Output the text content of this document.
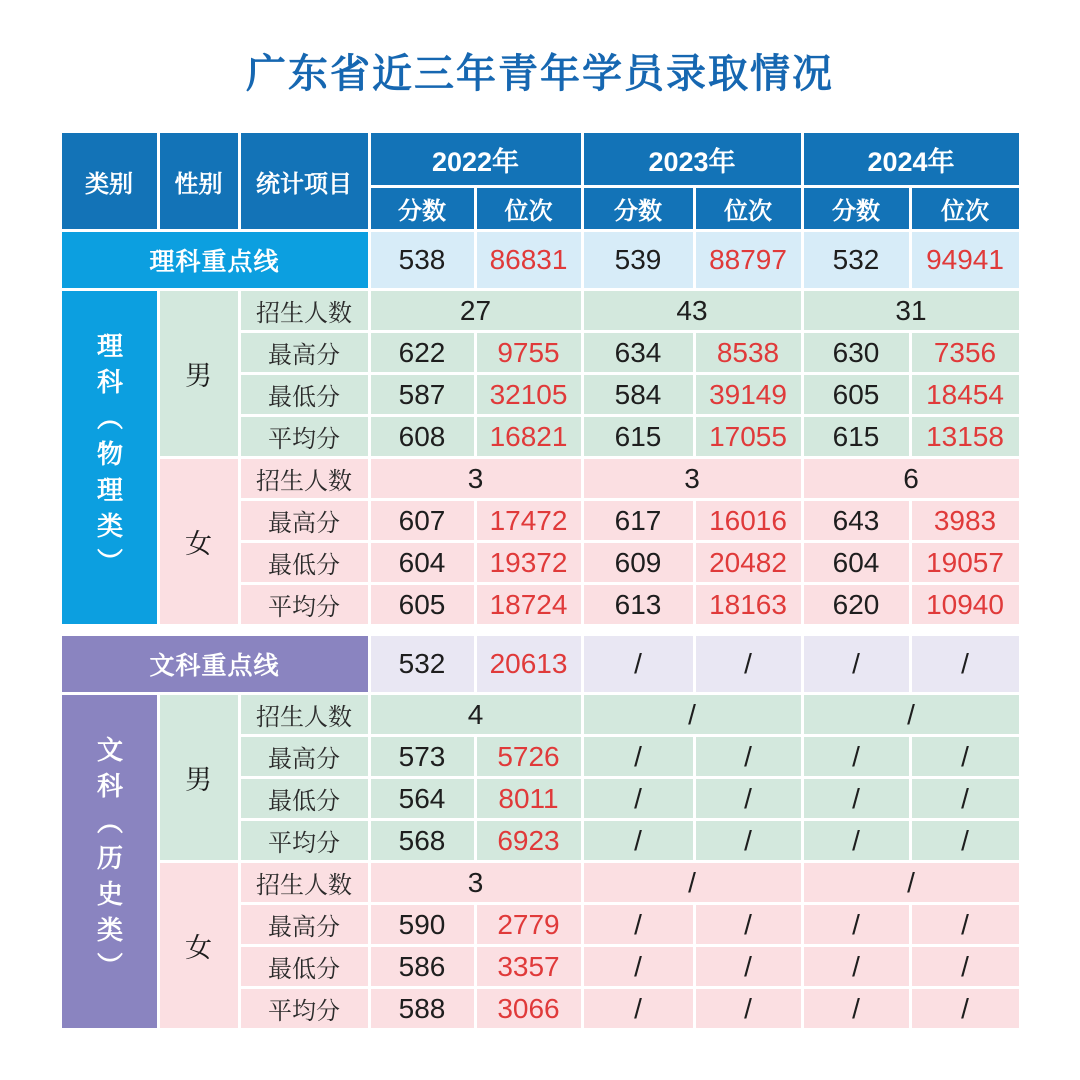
广东省近三年青年学员录取情况
类别	性别	统计项目
2022年	2023年	2024年
分数	位次	分数	位次	分数	位次
理科重点线	538	86831	539	88797	532	94941
理科（物理类）	男
招生人数	27	43	31
最高分	622	9755	634	8538	630	7356
最低分	587	32105	584	39149	605	18454
平均分	608	16821	615	17055	615	13158
女
招生人数	3	3	6
最高分	607	17472	617	16016	643	3983
最低分	604	19372	609	20482	604	19057
平均分	605	18724	613	18163	620	10940
文科重点线	532	20613	/	/	/	/
文科（历史类）	男
招生人数	4	/	/
最高分	573	5726	/	/	/	/
最低分	564	8011	/	/	/	/
平均分	568	6923	/	/	/	/
女
招生人数	3	/	/
最高分	590	2779	/	/	/	/
最低分	586	3357	/	/	/	/
平均分	588	3066	/	/	/	/
